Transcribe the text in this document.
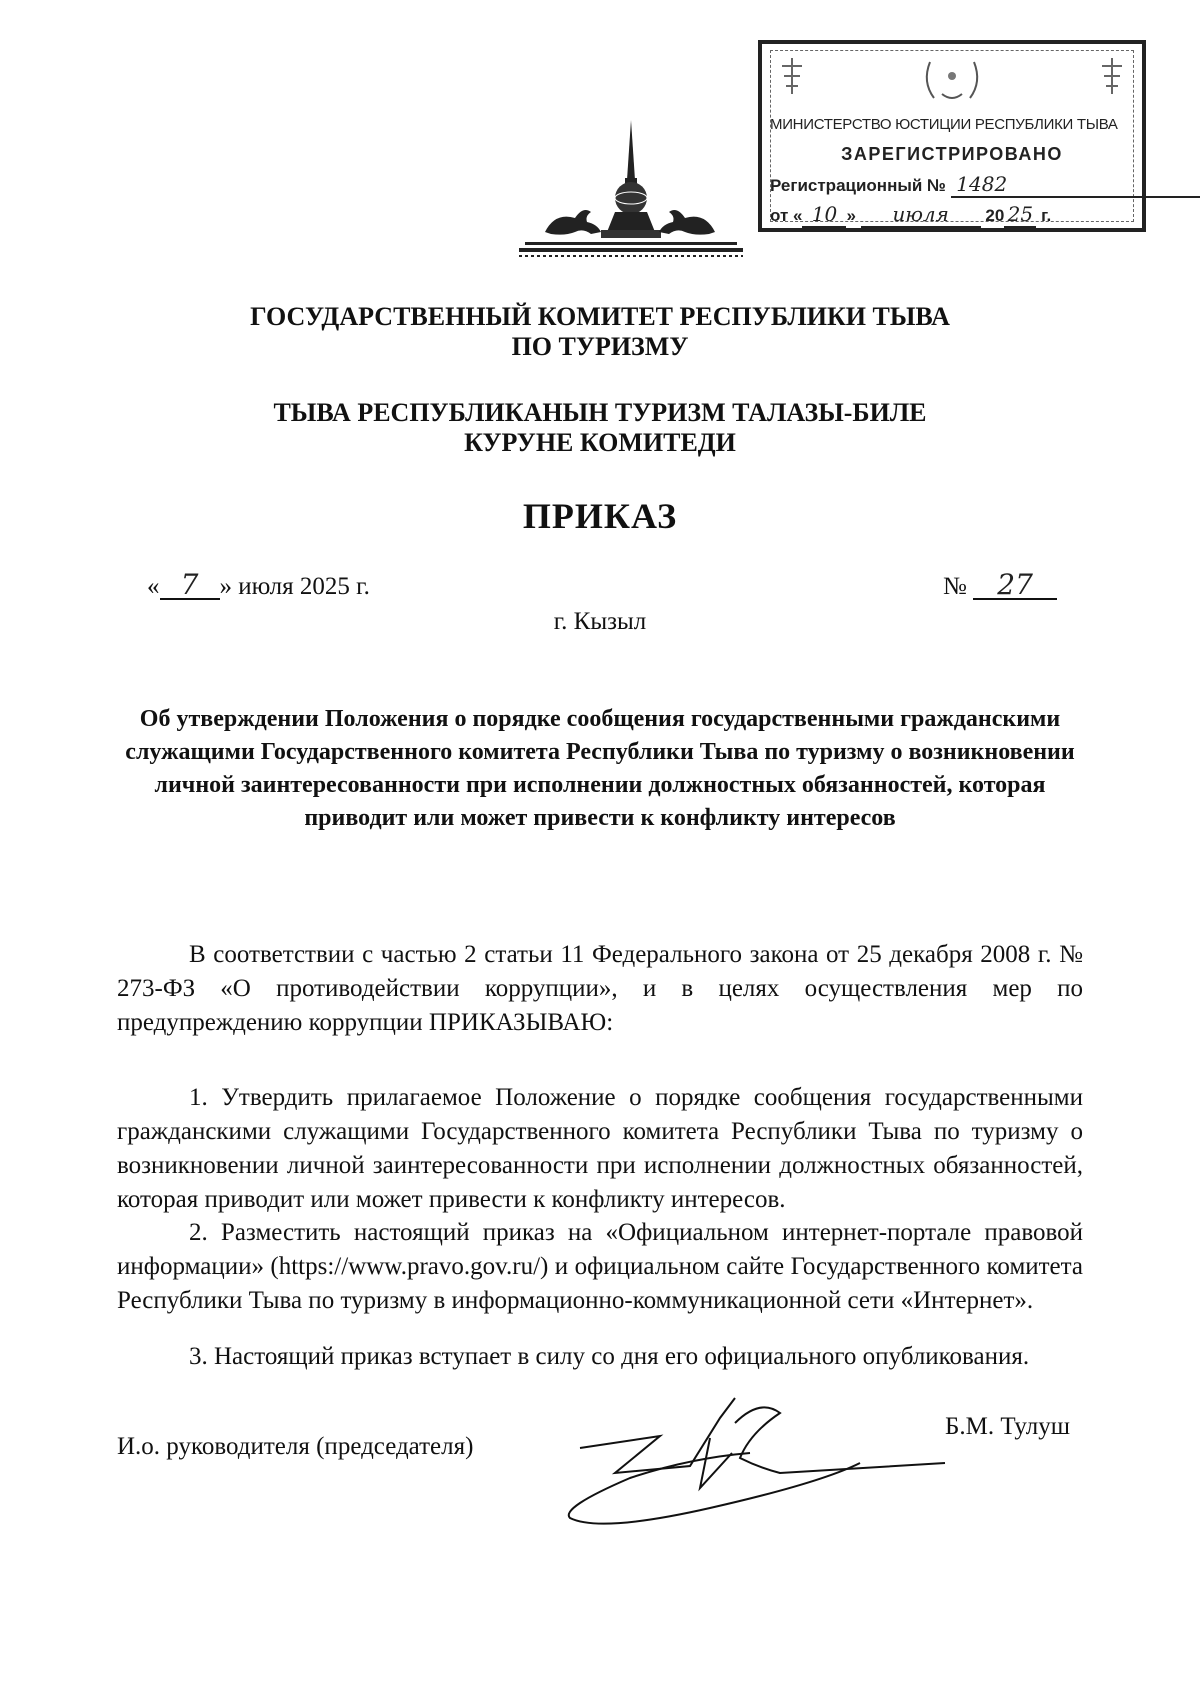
МИНИСТЕРСТВО ЮСТИЦИИ РЕСПУБЛИКИ ТЫВА
ЗАРЕГИСТРИРОВАНО
Регистрационный № 1482
от « 10 » июля 20 25 г.
ГОСУДАРСТВЕННЫЙ КОМИТЕТ РЕСПУБЛИКИ ТЫВА
ПО ТУРИЗМУ
ТЫВА РЕСПУБЛИКАНЫН ТУРИЗМ ТАЛАЗЫ-БИЛЕ
КУРУНЕ КОМИТЕДИ
ПРИКАЗ
« 7 » июля 2025 г.	№ 27
г. Кызыл
Об утверждении Положения о порядке сообщения государственными гражданскими служащими Государственного комитета Республики Тыва по туризму о возникновении личной заинтересованности при исполнении должностных обязанностей, которая приводит или может привести к конфликту интересов
В соответствии с частью 2 статьи 11 Федерального закона от 25 декабря 2008 г. № 273-ФЗ «О противодействии коррупции», и в целях осуществления мер по предупреждению коррупции ПРИКАЗЫВАЮ:
1. Утвердить прилагаемое Положение о порядке сообщения государственными гражданскими служащими Государственного комитета Республики Тыва по туризму о возникновении личной заинтересованности при исполнении должностных обязанностей, которая приводит или может привести к конфликту интересов.
2. Разместить настоящий приказ на «Официальном интернет-портале правовой информации» (https://www.pravo.gov.ru/) и официальном сайте Государственного комитета Республики Тыва по туризму в информационно-коммуникационной сети «Интернет».
3. Настоящий приказ вступает в силу со дня его официального опубликования.
И.о. руководителя (председателя)
Б.М. Тулуш
